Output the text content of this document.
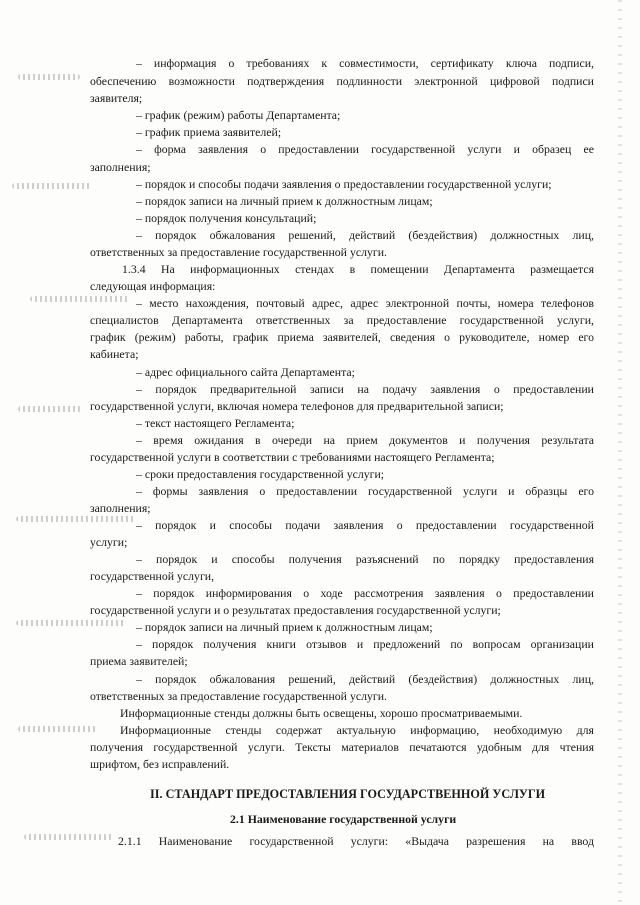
– информация о требованиях к совместимости, сертификату ключа подписи,
обеспечению возможности подтверждения подлинности электронной цифровой подписи
заявителя;
– график (режим) работы Департамента;
– график приема заявителей;
– форма заявления о предоставлении государственной услуги и образец ее
заполнения;
– порядок и способы подачи заявления о предоставлении государственной услуги;
– порядок записи на личный прием к должностным лицам;
– порядок получения консультаций;
– порядок обжалования решений, действий (бездействия) должностных лиц,
ответственных за предоставление государственной услуги.
1.3.4 На информационных стендах в помещении Департамента размещается
следующая информация:
– место нахождения, почтовый адрес, адрес электронной почты, номера телефонов
специалистов Департамента ответственных за предоставление государственной услуги,
график (режим) работы, график приема заявителей, сведения о руководителе, номер его
кабинета;
– адрес официального сайта Департамента;
– порядок предварительной записи на подачу заявления о предоставлении
государственной услуги, включая номера телефонов для предварительной записи;
– текст настоящего Регламента;
– время ожидания в очереди на прием документов и получения результата
государственной услуги в соответствии с требованиями настоящего Регламента;
– сроки предоставления государственной услуги;
– формы заявления о предоставлении государственной услуги и образцы его
заполнения;
– порядок и способы подачи заявления о предоставлении государственной
услуги;
– порядок и способы получения разъяснений по порядку предоставления
государственной услуги,
– порядок информирования о ходе рассмотрения заявления о предоставлении
государственной услуги и о результатах предоставления государственной услуги;
– порядок записи на личный прием к должностным лицам;
– порядок получения книги отзывов и предложений по вопросам организации
приема заявителей;
– порядок обжалования решений, действий (бездействия) должностных лиц,
ответственных за предоставление государственной услуги.
Информационные стенды должны быть освещены, хорошо просматриваемыми.
Информационные стенды содержат актуальную информацию, необходимую для
получения государственной услуги. Тексты материалов печатаются удобным для чтения
шрифтом, без исправлений.
II. СТАНДАРТ ПРЕДОСТАВЛЕНИЯ ГОСУДАРСТВЕННОЙ УСЛУГИ
2.1 Наименование государственной услуги
2.1.1 Наименование государственной услуги: «Выдача разрешения на ввод
